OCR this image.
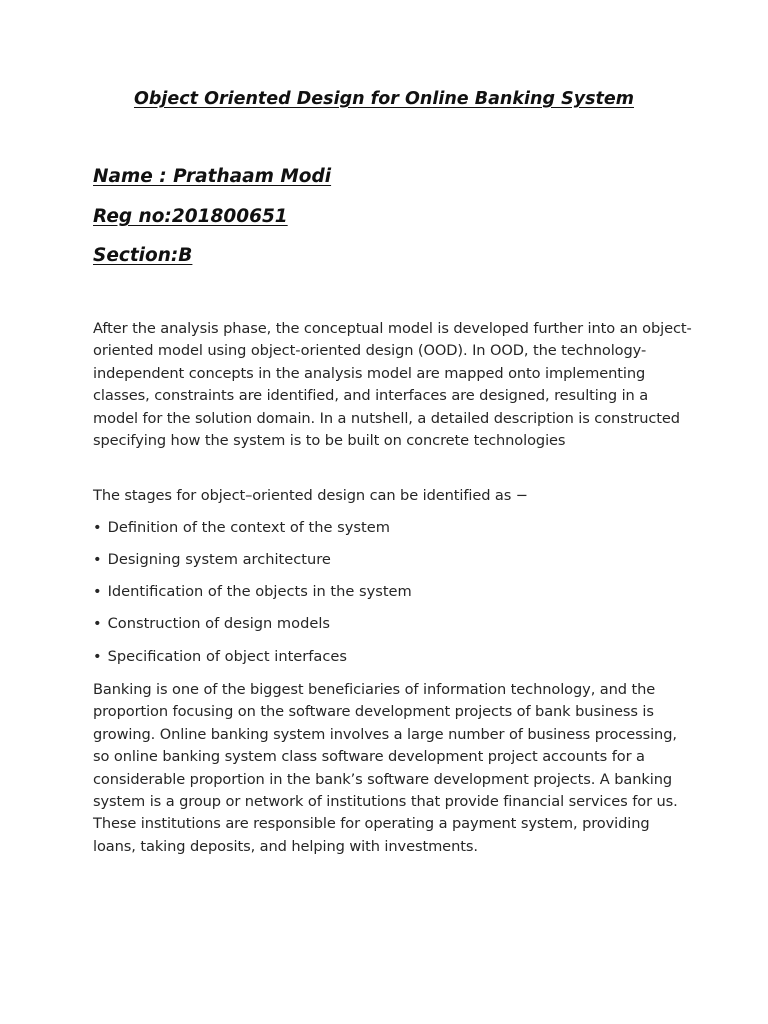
Object Oriented Design for Online Banking System

Name : Prathaam Modi

Reg no:201800651

Section:B

After the analysis phase, the conceptual model is developed further into an object-oriented model using object-oriented design (OOD). In OOD, the technology-independent concepts in the analysis model are mapped onto implementing classes, constraints are identified, and interfaces are designed, resulting in a model for the solution domain. In a nutshell, a detailed description is constructed specifying how the system is to be built on concrete technologies

The stages for object–oriented design can be identified as −

• Definition of the context of the system

• Designing system architecture

• Identification of the objects in the system

• Construction of design models

• Specification of object interfaces

Banking is one of the biggest beneficiaries of information technology, and the proportion focusing on the software development projects of bank business is growing. Online banking system involves a large number of business processing, so online banking system class software development project accounts for a considerable proportion in the bank’s software development projects. A banking system is a group or network of institutions that provide financial services for us. These institutions are responsible for operating a payment system, providing loans, taking deposits, and helping with investments.
